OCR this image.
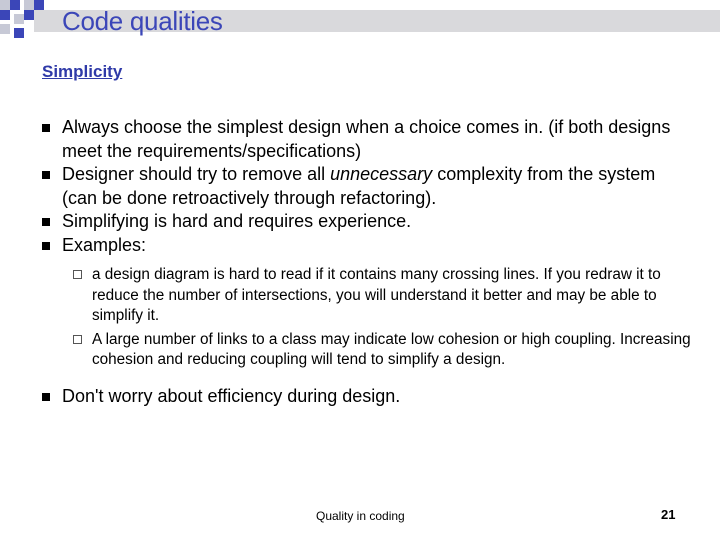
Code qualities
Simplicity
Always choose the simplest design when a choice comes in. (if both designs meet the requirements/specifications)
Designer should try to remove all unnecessary complexity from the system (can be done retroactively through refactoring).
Simplifying is hard and requires experience.
Examples:
a design diagram is hard to read if it contains many crossing lines. If you redraw it to reduce the number of intersections, you will understand it better and may be able to simplify it.
A large number of links to a class may indicate low cohesion or high coupling. Increasing cohesion and reducing coupling will tend to simplify a design.
Don't worry about efficiency during design.
Quality in coding	21
